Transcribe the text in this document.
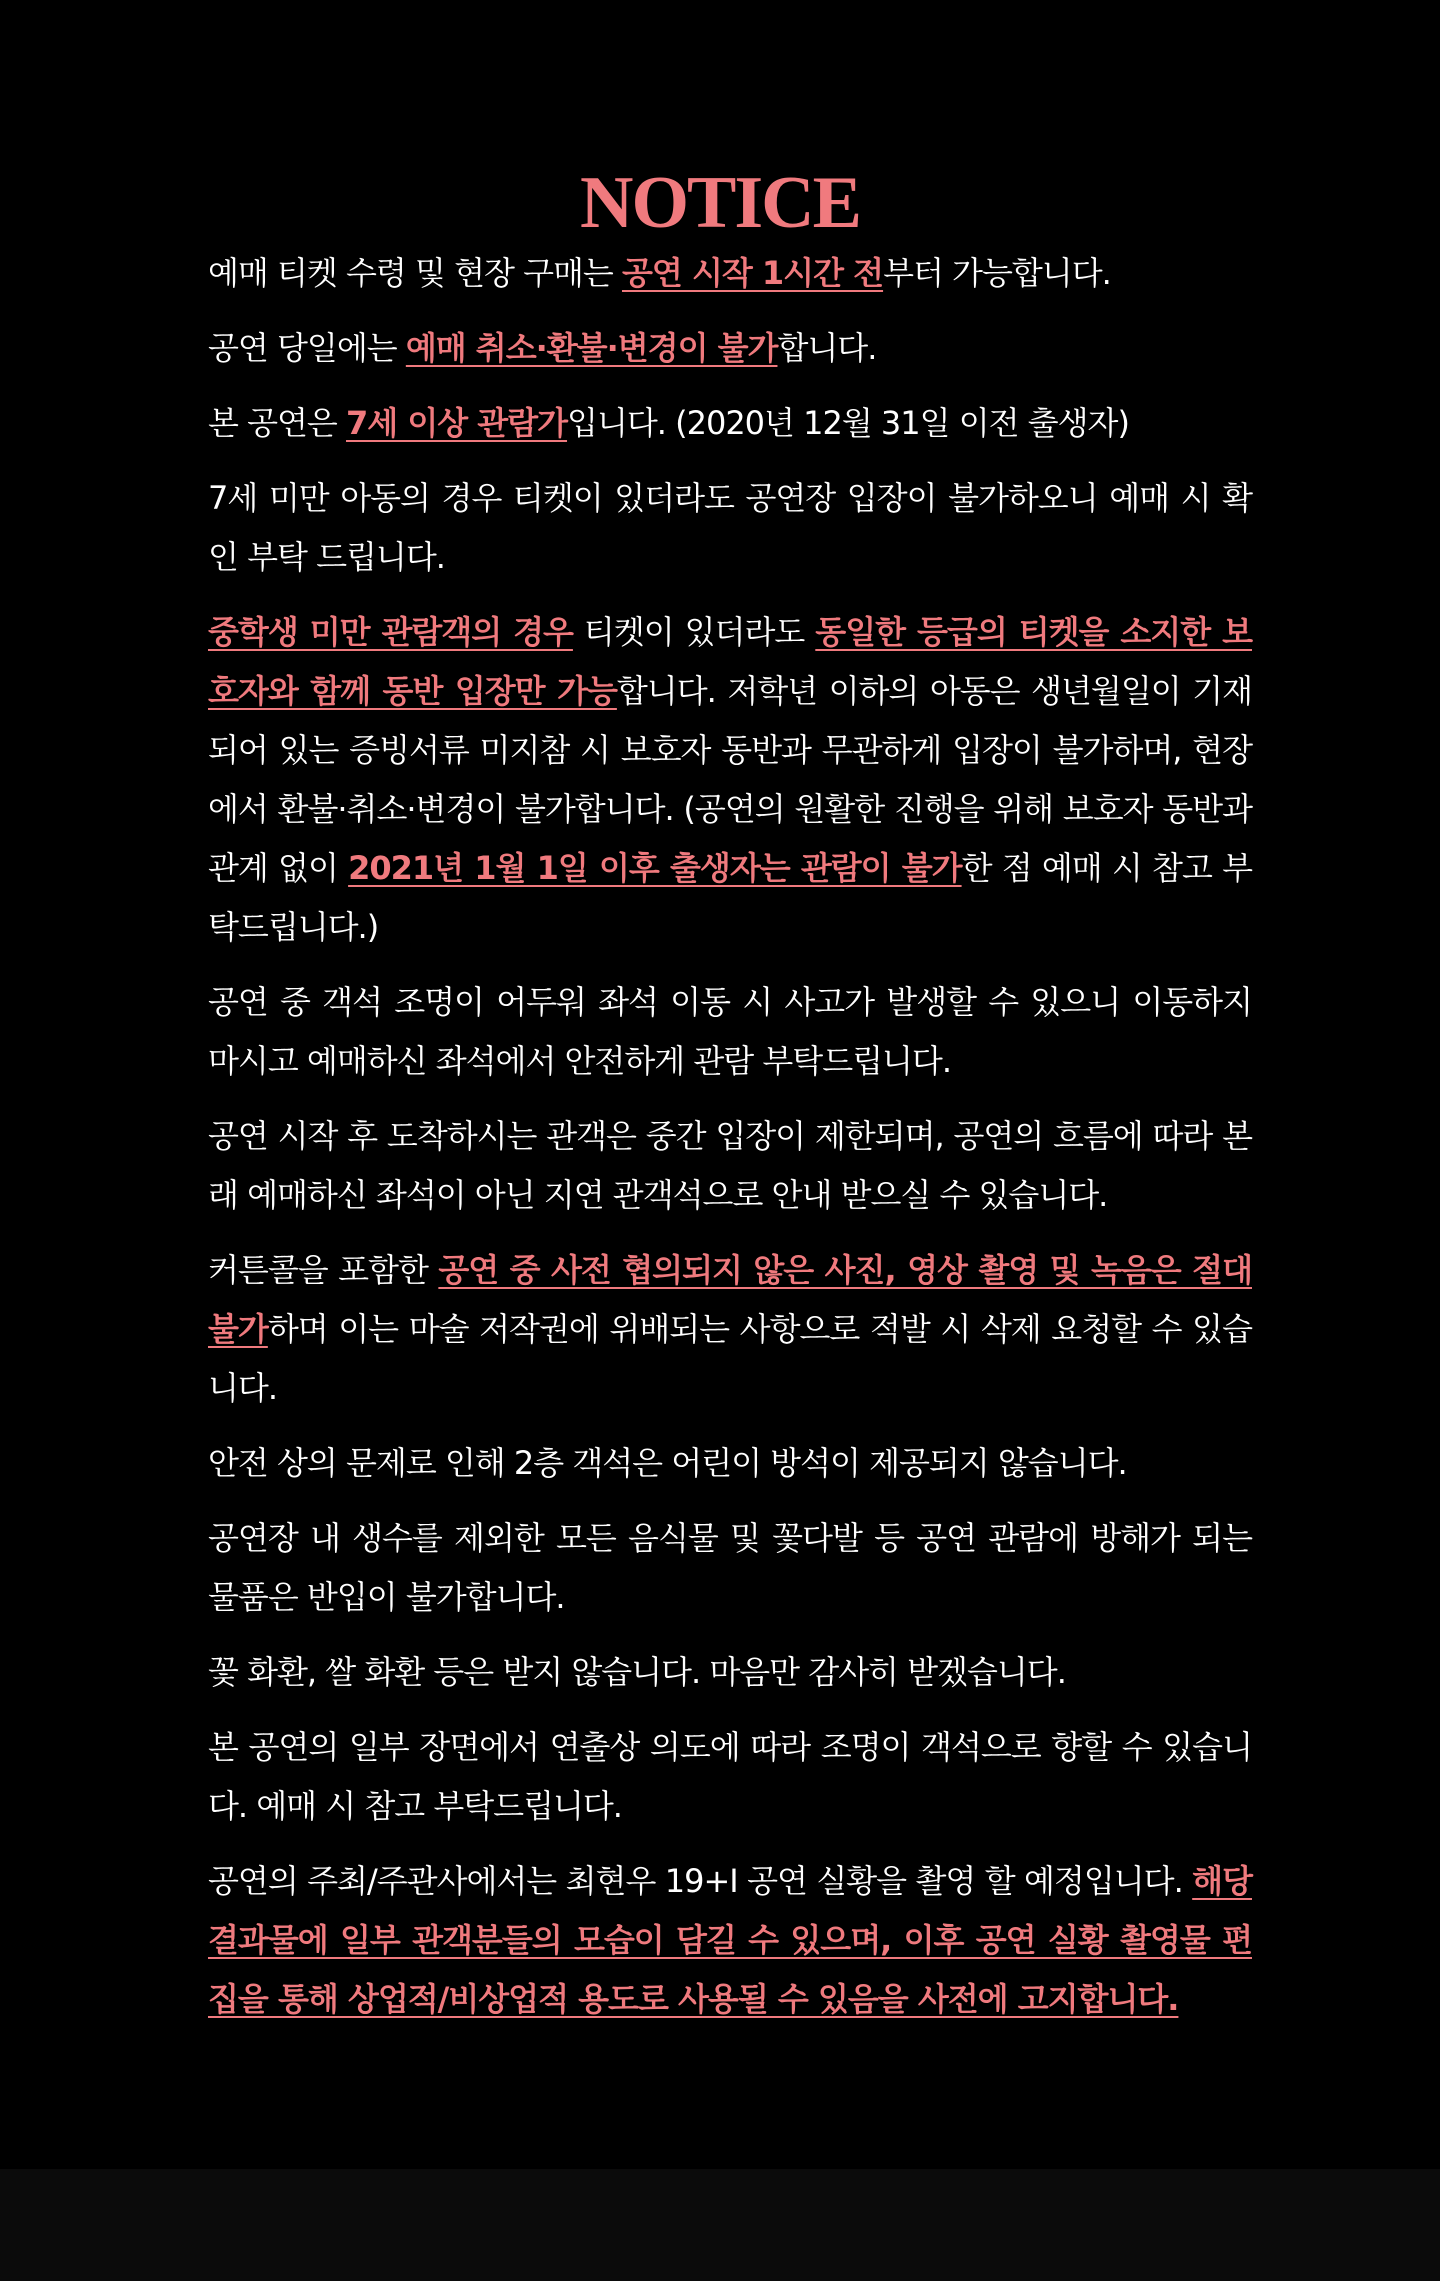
NOTICE

예매 티켓 수령 및 현장 구매는 공연 시작 1시간 전부터 가능합니다.

공연 당일에는 예매 취소·환불·변경이 불가합니다.

본 공연은 7세 이상 관람가입니다. (2020년 12월 31일 이전 출생자)

7세 미만 아동의 경우 티켓이 있더라도 공연장 입장이 불가하오니 예매 시 확인 부탁 드립니다.

중학생 미만 관람객의 경우 티켓이 있더라도 동일한 등급의 티켓을 소지한 보호자와 함께 동반 입장만 가능합니다. 저학년 이하의 아동은 생년월일이 기재되어 있는 증빙서류 미지참 시 보호자 동반과 무관하게 입장이 불가하며, 현장에서 환불·취소·변경이 불가합니다. (공연의 원활한 진행을 위해 보호자 동반과 관계 없이 2021년 1월 1일 이후 출생자는 관람이 불가한 점 예매 시 참고 부탁드립니다.)

공연 중 객석 조명이 어두워 좌석 이동 시 사고가 발생할 수 있으니 이동하지 마시고 예매하신 좌석에서 안전하게 관람 부탁드립니다.

공연 시작 후 도착하시는 관객은 중간 입장이 제한되며, 공연의 흐름에 따라 본래 예매하신 좌석이 아닌 지연 관객석으로 안내 받으실 수 있습니다.

커튼콜을 포함한 공연 중 사전 협의되지 않은 사진, 영상 촬영 및 녹음은 절대 불가하며 이는 마술 저작권에 위배되는 사항으로 적발 시 삭제 요청할 수 있습니다.

안전 상의 문제로 인해 2층 객석은 어린이 방석이 제공되지 않습니다.

공연장 내 생수를 제외한 모든 음식물 및 꽃다발 등 공연 관람에 방해가 되는 물품은 반입이 불가합니다.

꽃 화환, 쌀 화환 등은 받지 않습니다. 마음만 감사히 받겠습니다.

본 공연의 일부 장면에서 연출상 의도에 따라 조명이 객석으로 향할 수 있습니다. 예매 시 참고 부탁드립니다.

공연의 주최/주관사에서는 최현우 19+I 공연 실황을 촬영 할 예정입니다. 해당 결과물에 일부 관객분들의 모습이 담길 수 있으며, 이후 공연 실황 촬영물 편집을 통해 상업적/비상업적 용도로 사용될 수 있음을 사전에 고지합니다.
